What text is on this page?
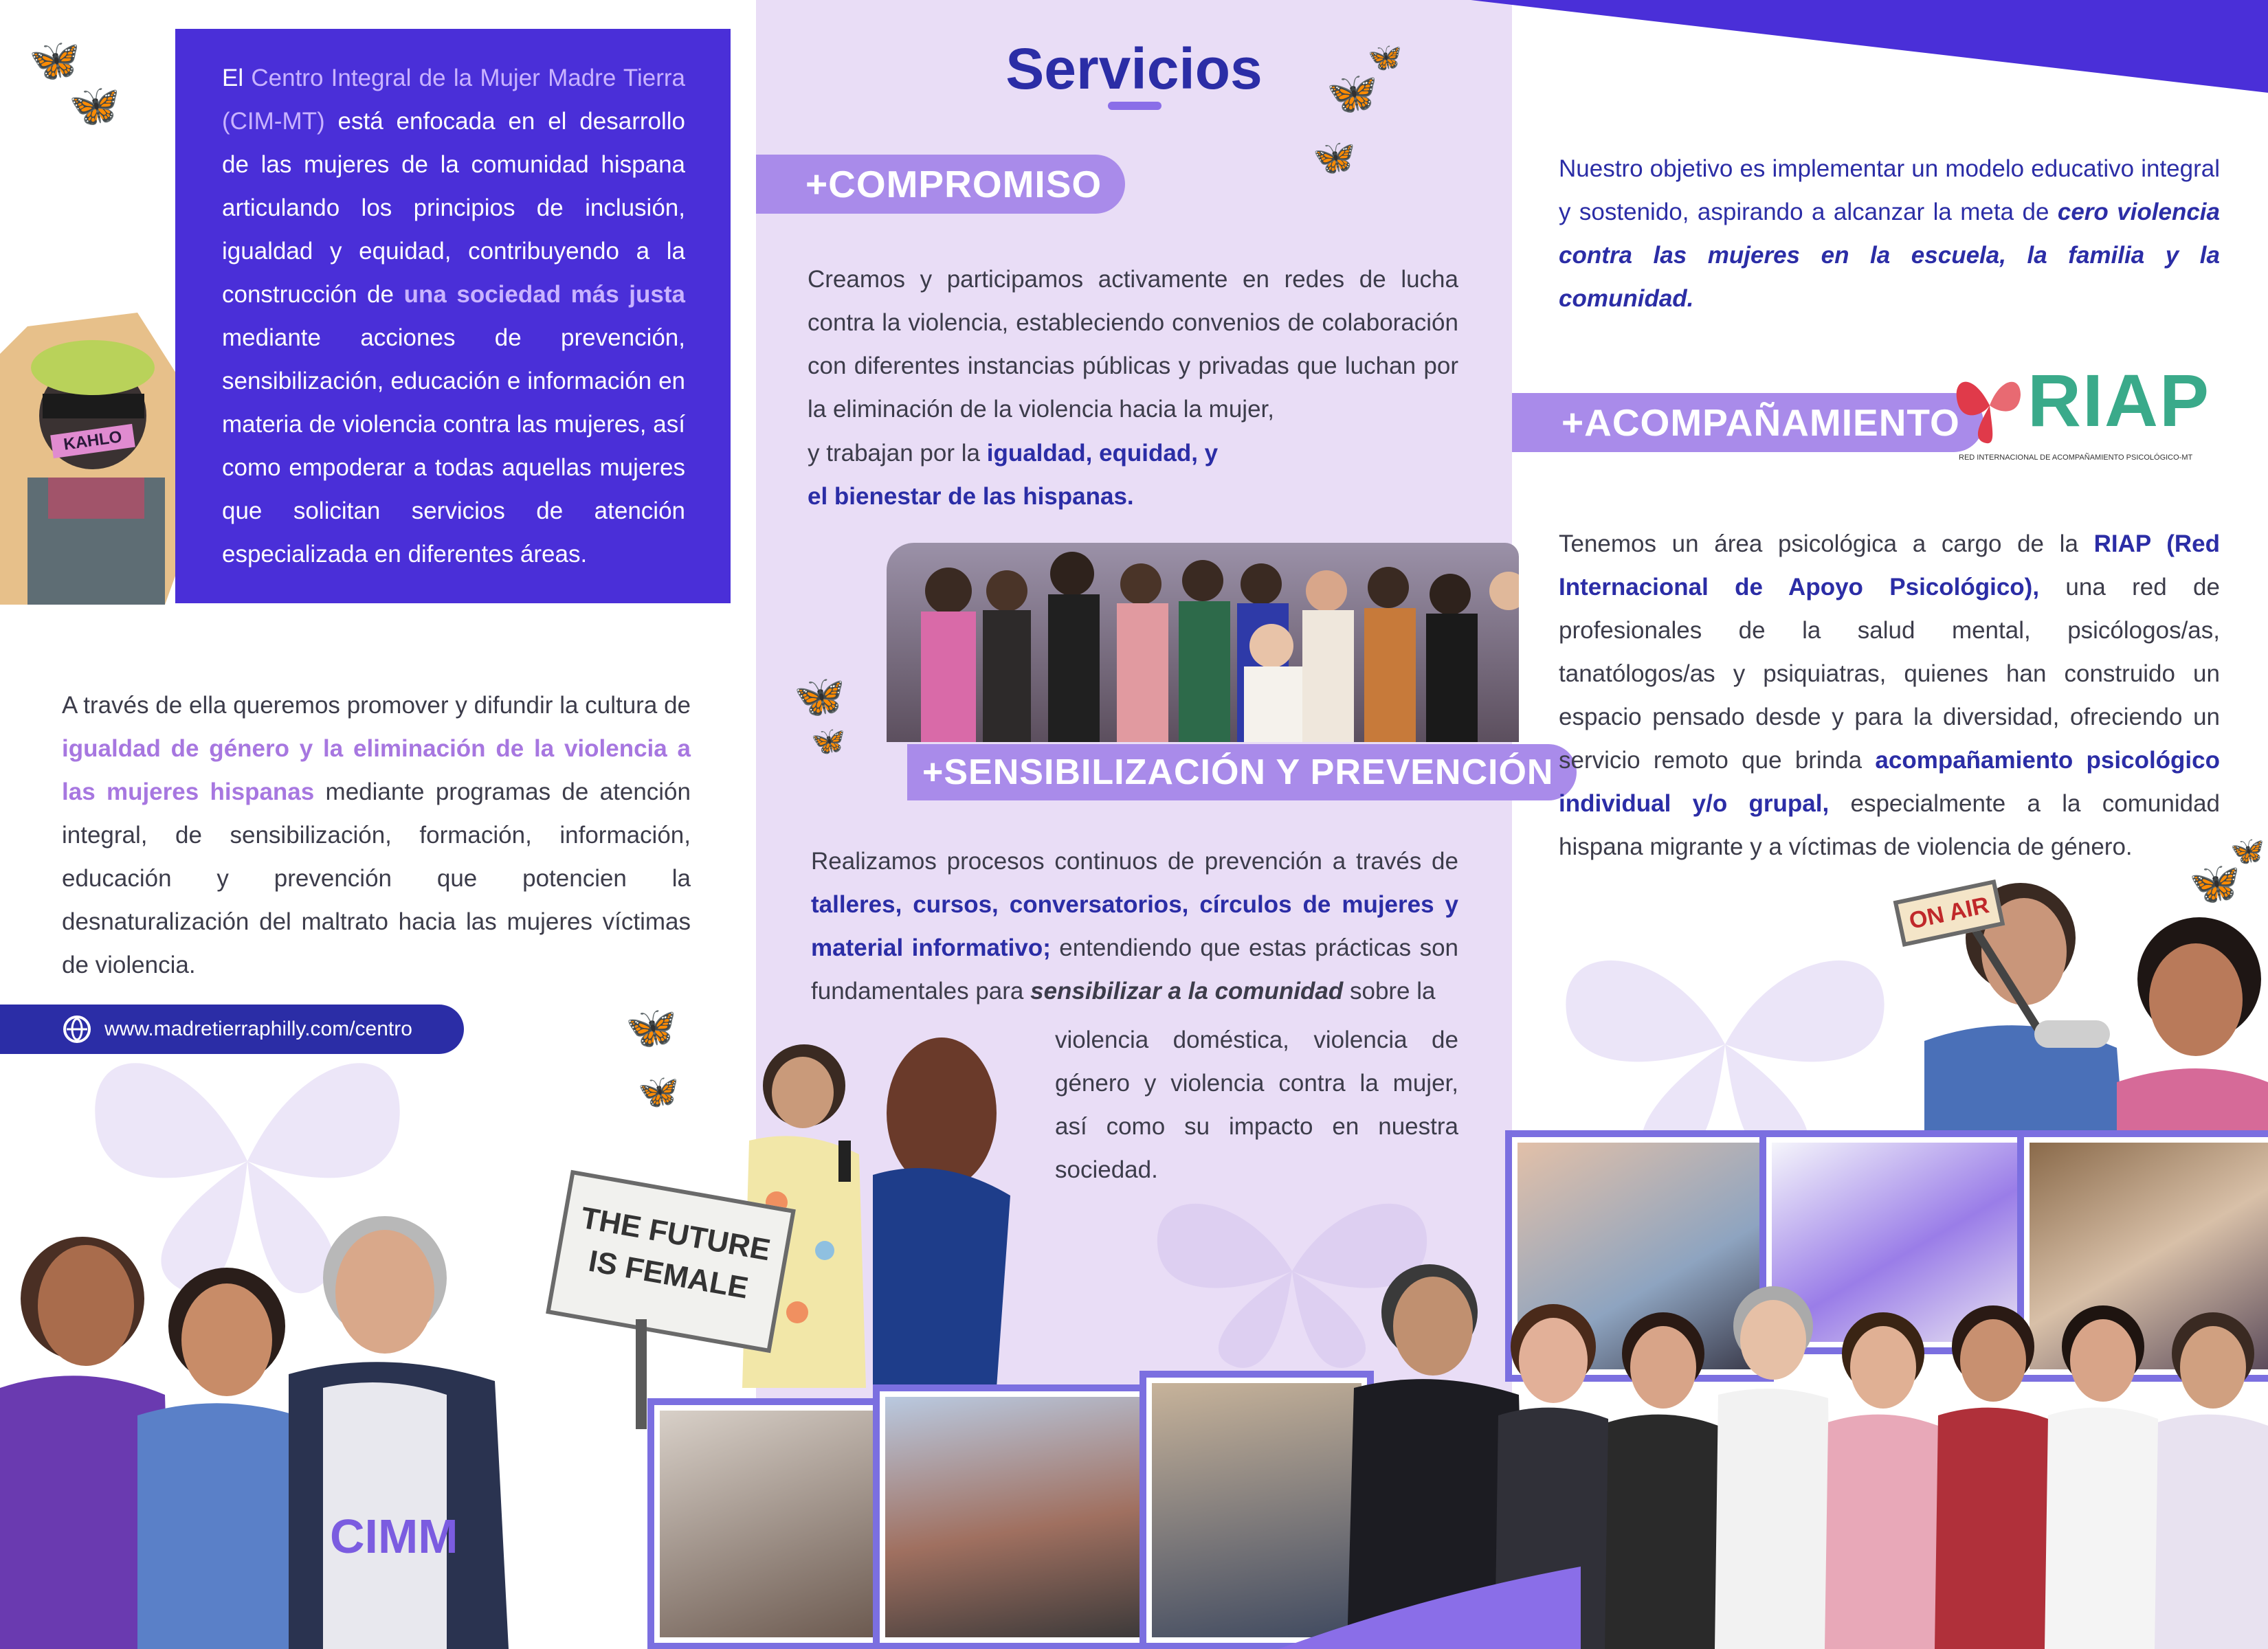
🦋
🦋	🦋
🦋
🦋
🦋
🦋
🦋
🦋
🦋
🦋
KAHLO
El Centro Integral de la Mujer Madre Tierra (CIM-MT) está enfocada en el desarrollo de las mujeres de la comunidad hispana articulando los principios de inclusión, igualdad y equidad, contribuyendo a la construcción de una sociedad más justa mediante acciones de prevención, sensibilización, educación e información en materia de violencia contra las mujeres, así como empoderar a todas aquellas mujeres que solicitan servicios de atención especializada en diferentes áreas.
A través de ella queremos promover y difundir la cultura de igualdad de género y la eliminación de la violencia a las mujeres hispanas mediante programas de atención integral, de sensibilización, formación, información, educación y prevención que potencien la desnaturalización del maltrato hacia las mujeres víctimas de violencia.
www.madretierraphilly.com/centro
Servicios
+COMPROMISO
Creamos y participamos activamente en redes de lucha contra la violencia, estableciendo convenios de colaboración con diferentes instancias públicas y privadas que luchan por la eliminación de la violencia hacia la mujer,
y trabajan por la igualdad, equidad, y
el bienestar de las hispanas.
+SENSIBILIZACIÓN Y PREVENCIÓN
Realizamos procesos continuos de prevención a través de talleres, cursos, conversatorios, círculos de mujeres y material informativo; entendiendo que estas prácticas son fundamentales para sensibilizar a la comunidad sobre la
violencia doméstica, violencia de género y violencia contra la mujer, así como su impacto en nuestra sociedad.
THE FUTURE IS FEMALE
CIMM
Nuestro objetivo es implementar un modelo educativo integral y sostenido, aspirando a alcanzar la meta de cero violencia contra las mujeres en la escuela, la familia y la comunidad.
+ACOMPAÑAMIENTO RIAP
RED INTERNACIONAL DE ACOMPAÑAMIENTO PSICOLÓGICO-MT
Tenemos un área psicológica a cargo de la RIAP (Red Internacional de Apoyo Psicológico), una red de profesionales de la salud mental, psicólogos/as, tanatólogos/as y psiquiatras, quienes han construido un espacio pensado desde y para la diversidad, ofreciendo un servicio remoto que brinda acompañamiento psicológico individual y/o grupal, especialmente a la comunidad hispana migrante y a víctimas de violencia de género.
ON AIR
